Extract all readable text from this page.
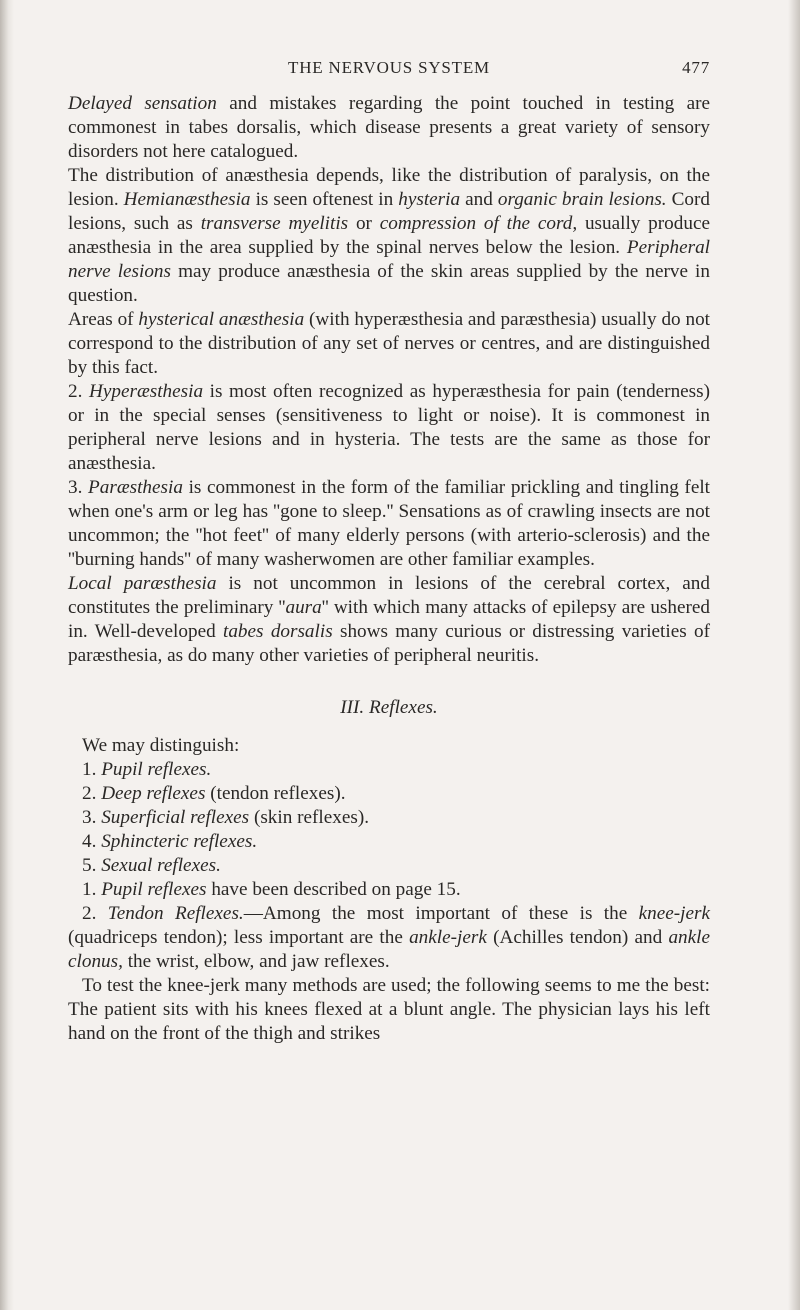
THE NERVOUS SYSTEM	477

Delayed sensation and mistakes regarding the point touched in testing are commonest in tabes dorsalis, which disease presents a great variety of sensory disorders not here catalogued.

The distribution of anæsthesia depends, like the distribution of paralysis, on the lesion. Hemianæsthesia is seen oftenest in hysteria and organic brain lesions. Cord lesions, such as transverse myelitis or compression of the cord, usually produce anæsthesia in the area supplied by the spinal nerves below the lesion. Peripheral nerve lesions may produce anæsthesia of the skin areas supplied by the nerve in question.

Areas of hysterical anæsthesia (with hyperæsthesia and paræsthesia) usually do not correspond to the distribution of any set of nerves or centres, and are distinguished by this fact.

2. Hyperæsthesia is most often recognized as hyperæsthesia for pain (tenderness) or in the special senses (sensitiveness to light or noise). It is commonest in peripheral nerve lesions and in hysteria. The tests are the same as those for anæsthesia.

3. Paræsthesia is commonest in the form of the familiar prickling and tingling felt when one's arm or leg has ''gone to sleep.'' Sensations as of crawling insects are not uncommon; the ''hot feet'' of many elderly persons (with arterio-sclerosis) and the ''burning hands'' of many washerwomen are other familiar examples.

Local paræsthesia is not uncommon in lesions of the cerebral cortex, and constitutes the preliminary ''aura'' with which many attacks of epilepsy are ushered in. Well-developed tabes dorsalis shows many curious or distressing varieties of paræsthesia, as do many other varieties of peripheral neuritis.

III. Reflexes.

We may distinguish:

1. Pupil reflexes.

2. Deep reflexes (tendon reflexes).

3. Superficial reflexes (skin reflexes).

4. Sphincteric reflexes.

5. Sexual reflexes.

1. Pupil reflexes have been described on page 15.

2. Tendon Reflexes.—Among the most important of these is the knee-jerk (quadriceps tendon); less important are the ankle-jerk (Achilles tendon) and ankle clonus, the wrist, elbow, and jaw reflexes.

To test the knee-jerk many methods are used; the following seems to me the best: The patient sits with his knees flexed at a blunt angle. The physician lays his left hand on the front of the thigh and strikes
